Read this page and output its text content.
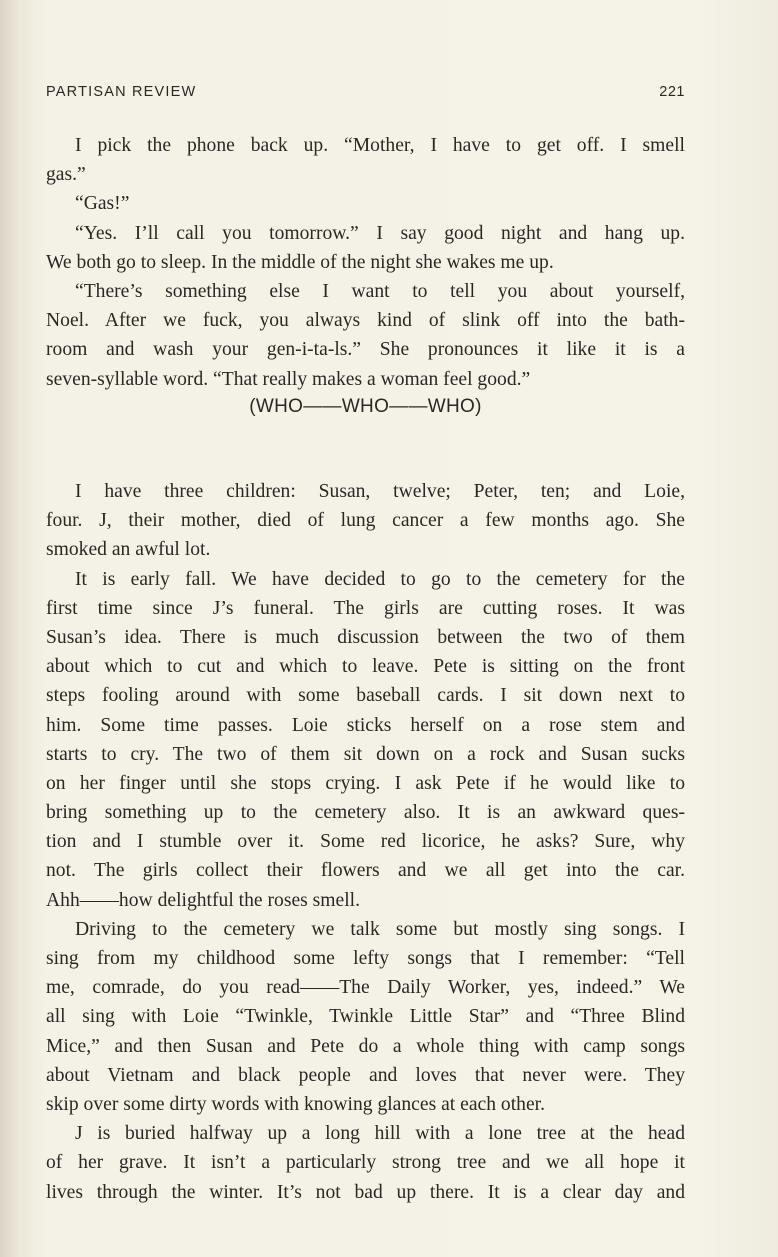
PARTISAN REVIEW	221
I pick the phone back up. “Mother, I have to get off. I smell
gas.”
“Gas!”
“Yes. I’ll call you tomorrow.” I say good night and hang up.
We both go to sleep. In the middle of the night she wakes me up.
“There’s something else I want to tell you about yourself,
Noel. After we fuck, you always kind of slink off into the bath-
room and wash your gen-i-ta-ls.” She pronounces it like it is a
seven-syllable word. “That really makes a woman feel good.”
(WHO——WHO——WHO)
I have three children: Susan, twelve; Peter, ten; and Loie,
four. J, their mother, died of lung cancer a few months ago. She
smoked an awful lot.
It is early fall. We have decided to go to the cemetery for the
first time since J’s funeral. The girls are cutting roses. It was
Susan’s idea. There is much discussion between the two of them
about which to cut and which to leave. Pete is sitting on the front
steps fooling around with some baseball cards. I sit down next to
him. Some time passes. Loie sticks herself on a rose stem and
starts to cry. The two of them sit down on a rock and Susan sucks
on her finger until she stops crying. I ask Pete if he would like to
bring something up to the cemetery also. It is an awkward ques-
tion and I stumble over it. Some red licorice, he asks? Sure, why
not. The girls collect their flowers and we all get into the car.
Ahh——how delightful the roses smell.
Driving to the cemetery we talk some but mostly sing songs. I
sing from my childhood some lefty songs that I remember: “Tell
me, comrade, do you read——The Daily Worker, yes, indeed.” We
all sing with Loie “Twinkle, Twinkle Little Star” and “Three Blind
Mice,” and then Susan and Pete do a whole thing with camp songs
about Vietnam and black people and loves that never were. They
skip over some dirty words with knowing glances at each other.
J is buried halfway up a long hill with a lone tree at the head
of her grave. It isn’t a particularly strong tree and we all hope it
lives through the winter. It’s not bad up there. It is a clear day and
